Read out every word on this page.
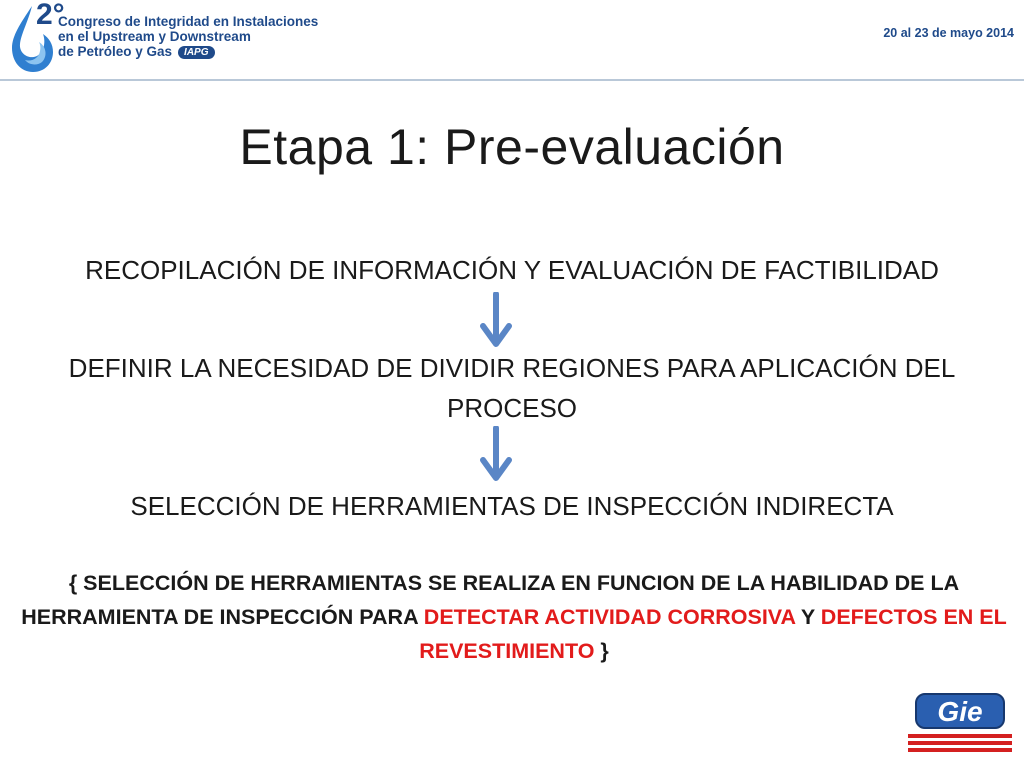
2°
Congreso de Integridad en Instalaciones
en el Upstream y Downstream
de Petróleo y Gas IAPG
20 al 23 de mayo 2014
Etapa 1: Pre-evaluación
RECOPILACIÓN DE INFORMACIÓN Y EVALUACIÓN DE FACTIBILIDAD
DEFINIR LA NECESIDAD DE DIVIDIR REGIONES PARA APLICACIÓN DEL PROCESO
SELECCIÓN DE HERRAMIENTAS DE INSPECCIÓN INDIRECTA
{ SELECCIÓN DE HERRAMIENTAS SE REALIZA EN FUNCION DE LA HABILIDAD DE LA HERRAMIENTA DE INSPECCIÓN PARA DETECTAR ACTIVIDAD CORROSIVA Y DEFECTOS EN EL REVESTIMIENTO }
Gie
